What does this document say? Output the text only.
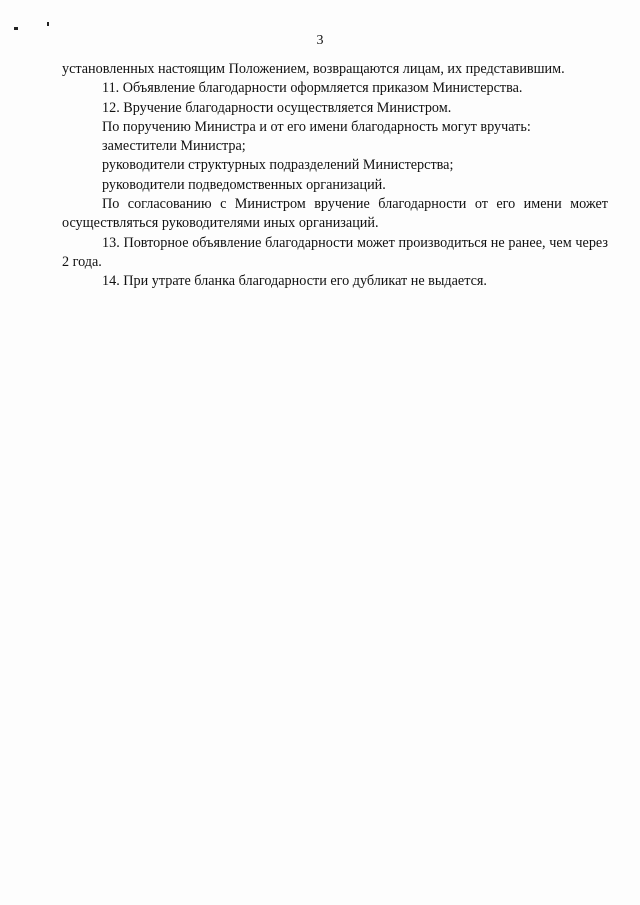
3

установленных настоящим Положением, возвращаются лицам, их представившим.

11. Объявление благодарности оформляется приказом Министерства.

12. Вручение благодарности осуществляется Министром.

По поручению Министра и от его имени благодарность могут вручать:

заместители Министра;

руководители структурных подразделений Министерства;

руководители подведомственных организаций.

По согласованию с Министром вручение благодарности от его имени может осуществляться руководителями иных организаций.

13. Повторное объявление благодарности может производиться не ранее, чем через 2 года.

14. При утрате бланка благодарности его дубликат не выдается.
